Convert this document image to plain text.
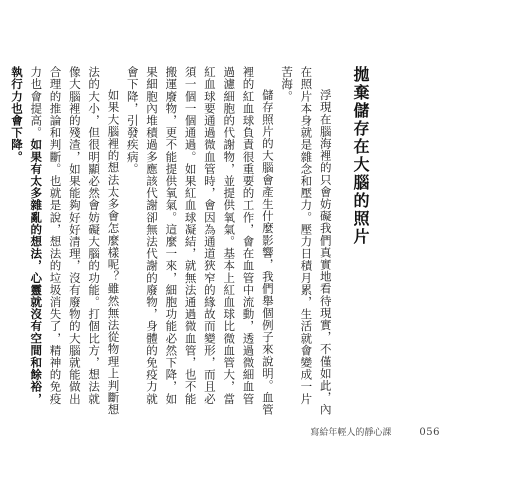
拋棄儲存在大腦的照片

浮現在腦海裡的只會妨礙我們真實地看待現實，不僅如此，內在照片本身就是雜念和壓力。壓力日積月累，生活就會變成一片苦海。

儲存照片的大腦會產生什麼影響，我們舉個例子來說明。血管裡的紅血球負責很重要的工作，會在血管中流動，透過微細血管過濾細胞的代謝物，並提供氧氣。基本上紅血球比微血管大，當紅血球要通過微血管時，會因為通道狹窄的緣故而變形，而且必須一個一個通過。如果紅血球凝結，就無法通過微血管，也不能搬運廢物，更不能提供氧氣。這麼一來，細胞功能必然下降，如果細胞內堆積過多應該代謝卻無法代謝的廢物，身體的免疫力就會下降，引發疾病。

如果大腦裡的想法太多會怎麼樣呢？雖然無法從物理上判斷想法的大小，但很明顯必然會妨礙大腦的功能。打個比方，想法就像大腦裡的殘渣，如果能夠好好清理，沒有廢物的大腦就能做出合理的推論和判斷。也就是說，想法的垃圾消失了，精神的免疫力也會提高。如果有太多雜亂的想法，心靈就沒有空間和餘裕，執行力也會下降。

寫給年輕人的靜心課	056
